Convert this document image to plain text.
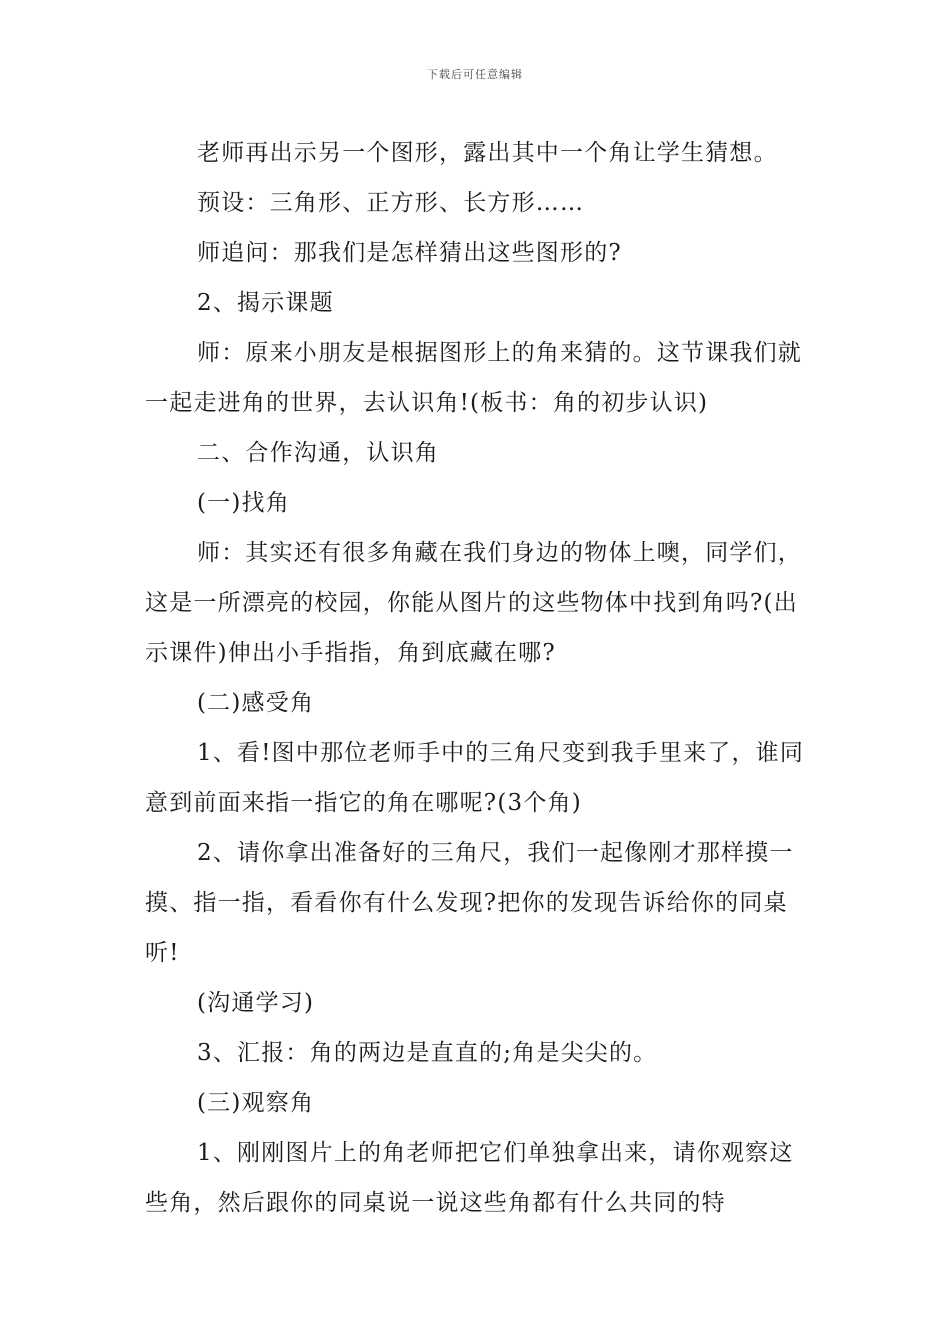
下载后可任意编辑

老师再出示另一个图形，露出其中一个角让学生猜想。

预设：三角形、正方形、长方形……

师追问：那我们是怎样猜出这些图形的?

2、揭示课题

师：原来小朋友是根据图形上的角来猜的。这节课我们就一起走进角的世界，去认识角!(板书：角的初步认识)

二、合作沟通，认识角

(一)找角

师：其实还有很多角藏在我们身边的物体上噢，同学们，这是一所漂亮的校园，你能从图片的这些物体中找到角吗?(出示课件)伸出小手指指，角到底藏在哪?

(二)感受角

1、看!图中那位老师手中的三角尺变到我手里来了，谁同意到前面来指一指它的角在哪呢?(3个角)

2、请你拿出准备好的三角尺，我们一起像刚才那样摸一摸、指一指，看看你有什么发现?把你的发现告诉给你的同桌听!

(沟通学习)

3、汇报：角的两边是直直的;角是尖尖的。

(三)观察角

1、刚刚图片上的角老师把它们单独拿出来，请你观察这些角，然后跟你的同桌说一说这些角都有什么共同的特
